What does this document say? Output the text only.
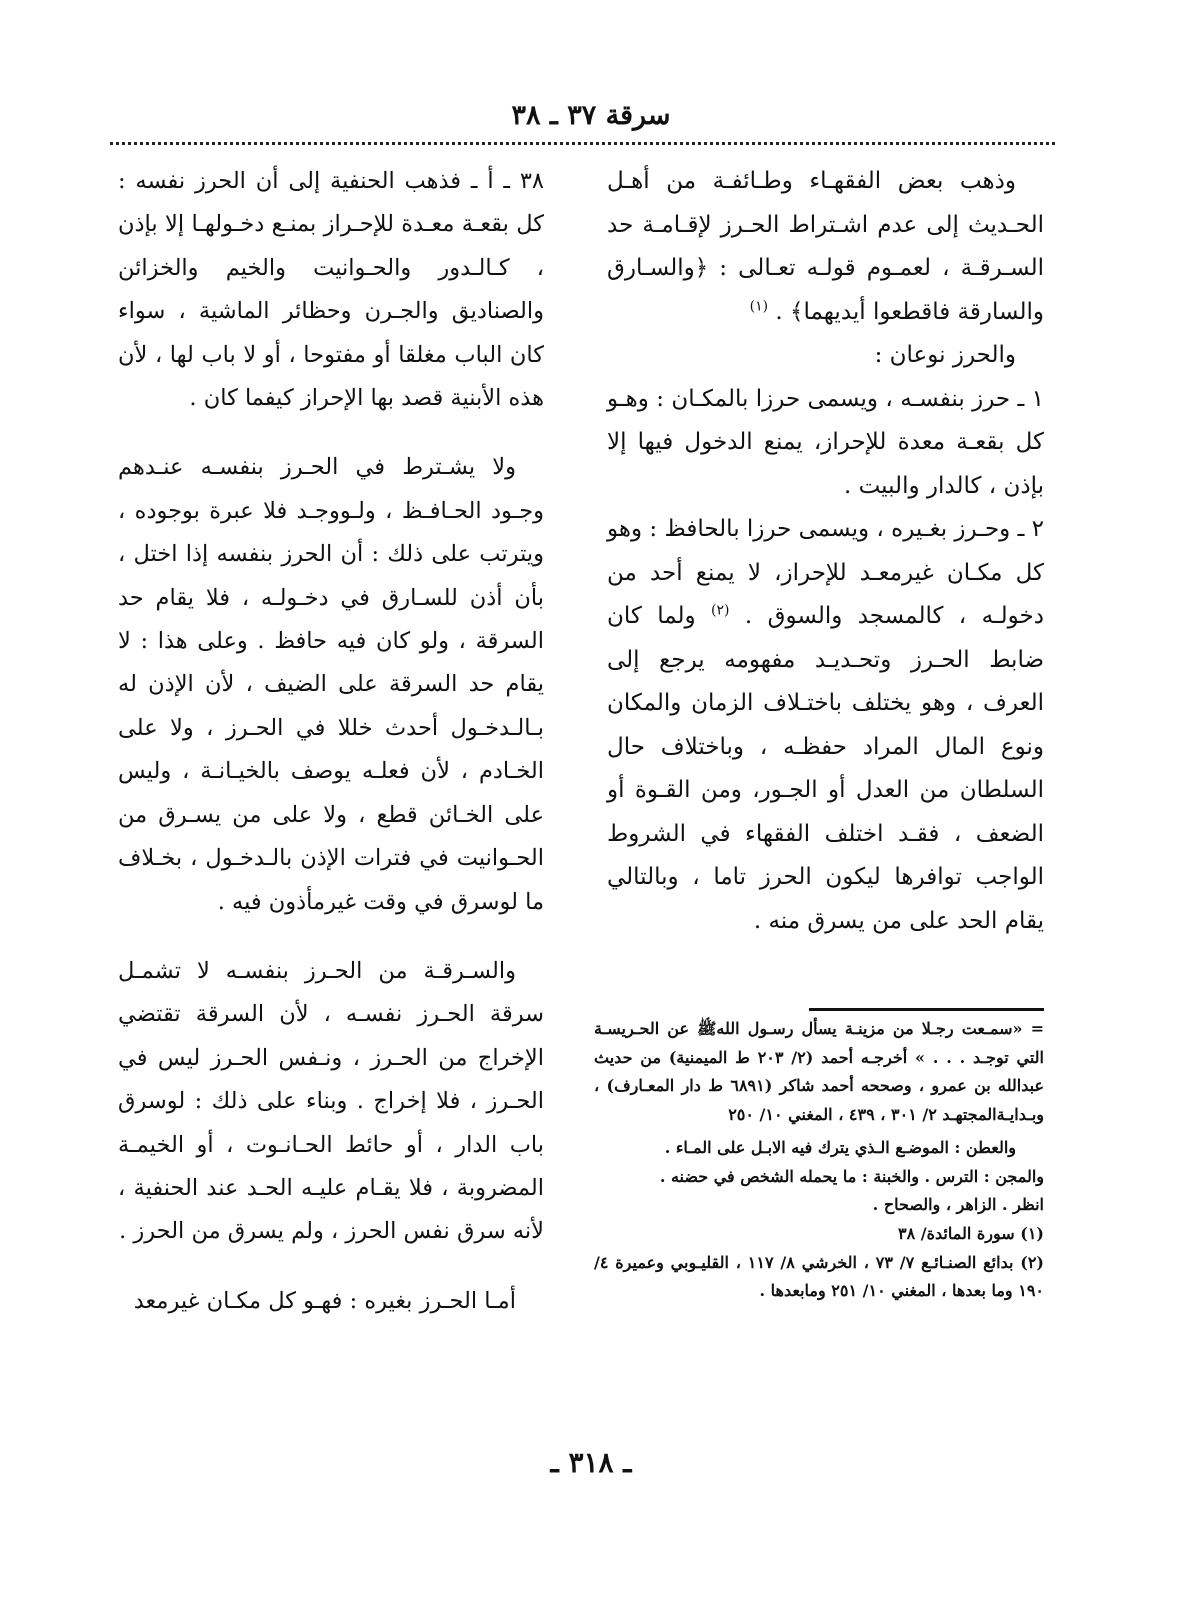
سرقة ٣٧ ـ ٣٨

وذهب بعض الفقهـاء وطـائفـة من أهـل الحـديث إلى عدم اشـتراط الحـرز لإقـامـة حد السـرقـة ، لعمـوم قولـه تعـالى : ﴿والسـارق والسارقة فاقطعوا أيديهما﴾ . $^{(١)}$

والحرز نوعان :

١ ـ حرز بنفسـه ، ويسمى حرزا بالمكـان : وهـو كل بقعـة معدة للإحراز، يمنع الدخول فيها إلا بإذن ، كالدار والبيت .

٢ ـ وحـرز بغـيره ، ويسمى حرزا بالحافظ : وهو كل مكـان غيرمعـد للإحراز، لا يمنع أحد من دخولـه ، كالمسجد والسوق . $^{(٢)}$ ولما كان ضابط الحـرز وتحـديـد مفهومه يرجع إلى العرف ، وهو يختلف باختـلاف الزمان والمكان ونوع المال المراد حفظـه ، وباختلاف حال السلطان من العدل أو الجـور، ومن القـوة أو الضعف ، فقـد اختلف الفقهاء في الشروط الواجب توافرها ليكون الحرز تاما ، وبالتالي يقام الحد على من يسرق منه .

٣٨ ـ أ ـ فذهب الحنفية إلى أن الحرز نفسه : كل بقعـة معـدة للإحـراز بمنـع دخـولهـا إلا بإذن ، كـالـدور والحـوانيت والخيم والخزائن والصناديق والجـرن وحظائر الماشية ، سواء كان الباب مغلقا أو مفتوحا ، أو لا باب لها ، لأن هذه الأبنية قصد بها الإحراز كيفما كان .

ولا يشـترط في الحـرز بنفسـه عنـدهم وجـود الحـافـظ ، ولـووجـد فلا عبرة بوجوده ، ويترتب على ذلك : أن الحرز بنفسه إذا اختل ، بأن أذن للسـارق في دخـولـه ، فلا يقام حد السرقة ، ولو كان فيه حافظ . وعلى هذا : لا يقام حد السرقة على الضيف ، لأن الإذن له بـالـدخـول أحدث خللا في الحـرز ، ولا على الخـادم ، لأن فعلـه يوصف بالخيـانـة ، وليس على الخـائن قطع ، ولا على من يسـرق من الحـوانيت في فترات الإذن بالـدخـول ، بخـلاف ما لوسرق في وقت غيرمأذون فيه .

والسـرقـة من الحـرز بنفسـه لا تشمـل سرقة الحـرز نفسـه ، لأن السرقة تقتضي الإخراج من الحـرز ، ونـفس الحـرز ليس في الحـرز ، فلا إخراج . وبناء على ذلك : لوسرق باب الدار ، أو حائط الحـانـوت ، أو الخيمـة المضروبة ، فلا يقـام عليـه الحـد عند الحنفية ، لأنه سرق نفس الحرز ، ولم يسرق من الحرز .

أمـا الحـرز بغيره : فهـو كل مكـان غيرمعد

= «سمـعت رجـلا من مزينـة يسأل رسـول اللهﷺ عن الحـريسـة التي توجـد . . . » أخرجـه أحمد (٢/ ٢٠٣ ط الميمنية) من حديث عبدالله بن عمرو ، وصححه أحمد شاكر (٦٨٩١ ط دار المعـارف) ، وبـدايـةالمجتهـد ٢/ ٣٠١ ، ٤٣٩ ، المغني ١٠/ ٢٥٠

والعطن : الموضـع الـذي يترك فيه الابـل على المـاء .

والمجن : الترس . والخبنة : ما يحمله الشخص في حضنه .

انظر . الزاهر ، والصحاح .

(١) سورة المائدة/ ٣٨

(٢) بدائع الصنـائـع ٧/ ٧٣ ، الخرشي ٨/ ١١٧ ، القليـوبي وعميرة ٤/ ١٩٠ وما بعدها ، المغني ١٠/ ٢٥١ ومابعدها .

ـ ٣١٨ ـ
